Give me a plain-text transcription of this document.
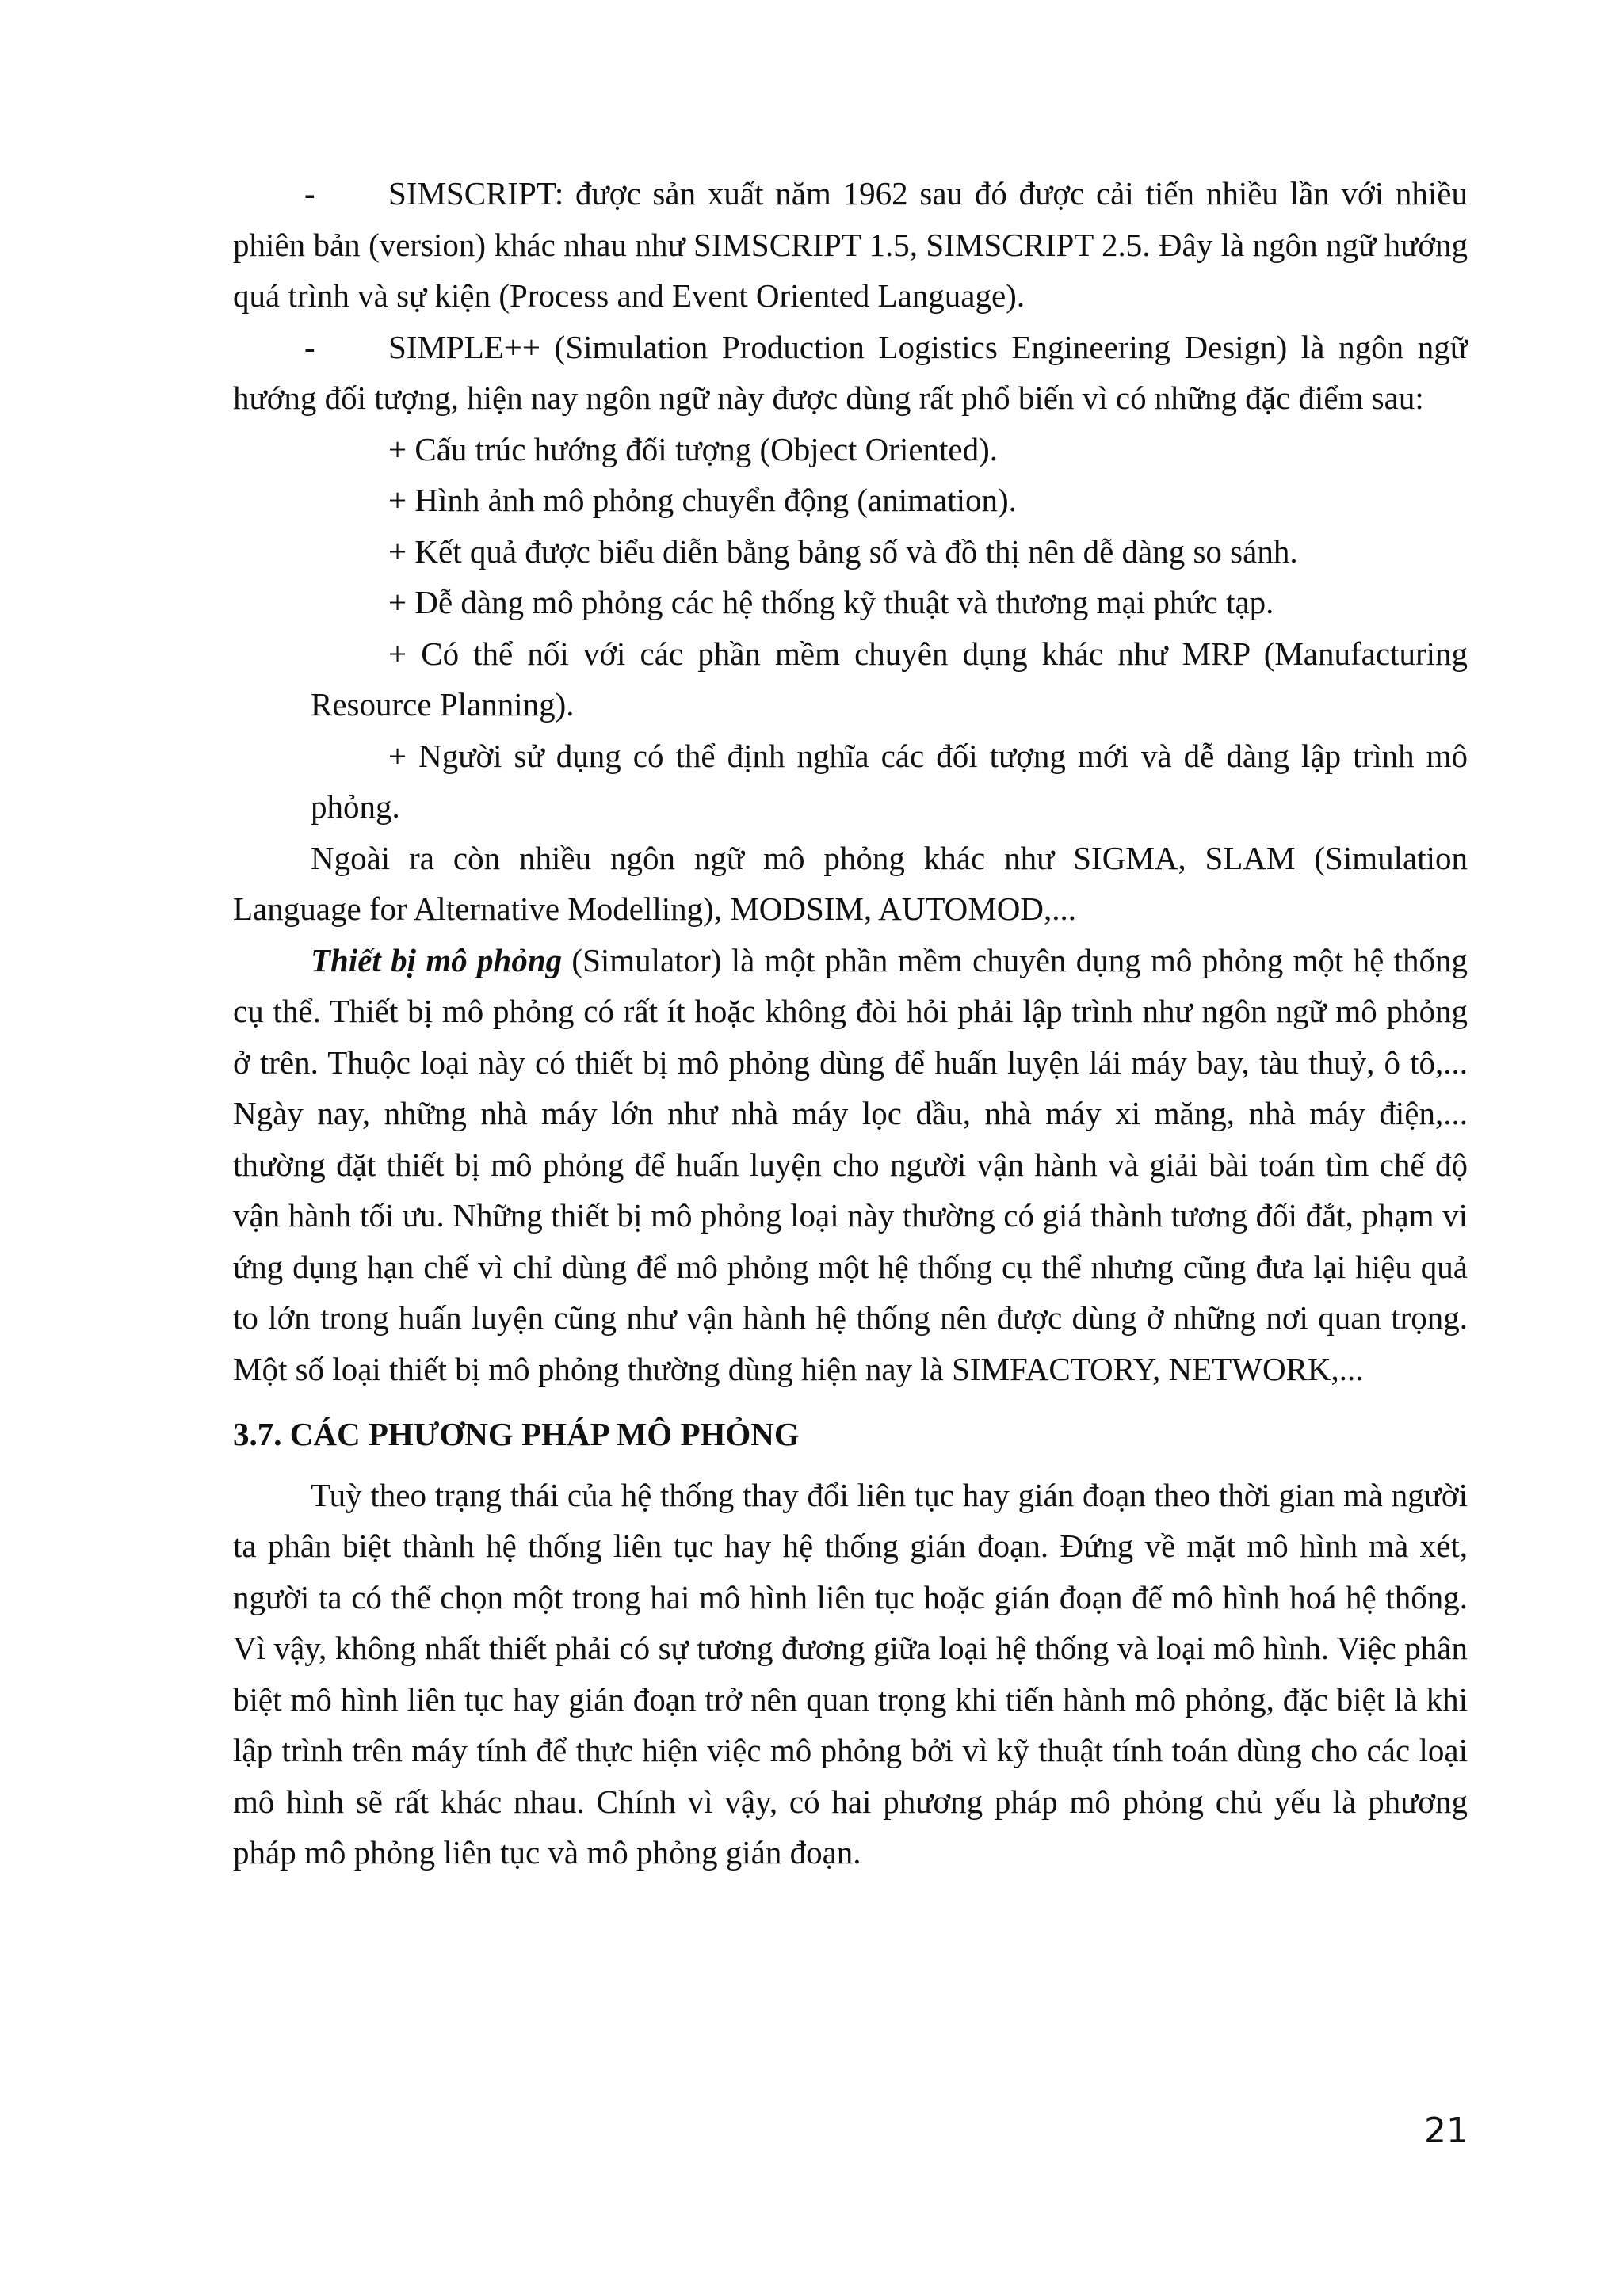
- SIMSCRIPT: được sản xuất năm 1962 sau đó được cải tiến nhiều lần với nhiều phiên bản (version) khác nhau như SIMSCRIPT 1.5, SIMSCRIPT 2.5. Đây là ngôn ngữ hướng quá trình và sự kiện (Process and Event Oriented Language).

- SIMPLE++ (Simulation Production Logistics Engineering Design) là ngôn ngữ hướng đối tượng, hiện nay ngôn ngữ này được dùng rất phổ biến vì có những đặc điểm sau:

+ Cấu trúc hướng đối tượng (Object Oriented).

+ Hình ảnh mô phỏng chuyển động (animation).

+ Kết quả được biểu diễn bằng bảng số và đồ thị nên dễ dàng so sánh.

+ Dễ dàng mô phỏng các hệ thống kỹ thuật và thương mại phức tạp.

+ Có thể nối với các phần mềm chuyên dụng khác như MRP (Manufacturing Resource Planning).

+ Người sử dụng có thể định nghĩa các đối tượng mới và dễ dàng lập trình mô phỏng.

Ngoài ra còn nhiều ngôn ngữ mô phỏng khác như SIGMA, SLAM (Simulation Language for Alternative Modelling), MODSIM, AUTOMOD,...

Thiết bị mô phỏng (Simulator) là một phần mềm chuyên dụng mô phỏng một hệ thống cụ thể. Thiết bị mô phỏng có rất ít hoặc không đòi hỏi phải lập trình như ngôn ngữ mô phỏng ở trên. Thuộc loại này có thiết bị mô phỏng dùng để huấn luyện lái máy bay, tàu thuỷ, ô tô,... Ngày nay, những nhà máy lớn như nhà máy lọc dầu, nhà máy xi măng, nhà máy điện,... thường đặt thiết bị mô phỏng để huấn luyện cho người vận hành và giải bài toán tìm chế độ vận hành tối ưu. Những thiết bị mô phỏng loại này thường có giá thành tương đối đắt, phạm vi ứng dụng hạn chế vì chỉ dùng để mô phỏng một hệ thống cụ thể nhưng cũng đưa lại hiệu quả to lớn trong huấn luyện cũng như vận hành hệ thống nên được dùng ở những nơi quan trọng. Một số loại thiết bị mô phỏng thường dùng hiện nay là SIMFACTORY, NETWORK,...

3.7. CÁC PHƯƠNG PHÁP MÔ PHỎNG

Tuỳ theo trạng thái của hệ thống thay đổi liên tục hay gián đoạn theo thời gian mà người ta phân biệt thành hệ thống liên tục hay hệ thống gián đoạn. Đứng về mặt mô hình mà xét, người ta có thể chọn một trong hai mô hình liên tục hoặc gián đoạn để mô hình hoá hệ thống. Vì vậy, không nhất thiết phải có sự tương đương giữa loại hệ thống và loại mô hình. Việc phân biệt mô hình liên tục hay gián đoạn trở nên quan trọng khi tiến hành mô phỏng, đặc biệt là khi lập trình trên máy tính để thực hiện việc mô phỏng bởi vì kỹ thuật tính toán dùng cho các loại mô hình sẽ rất khác nhau. Chính vì vậy, có hai phương pháp mô phỏng chủ yếu là phương pháp mô phỏng liên tục và mô phỏng gián đoạn.

21
